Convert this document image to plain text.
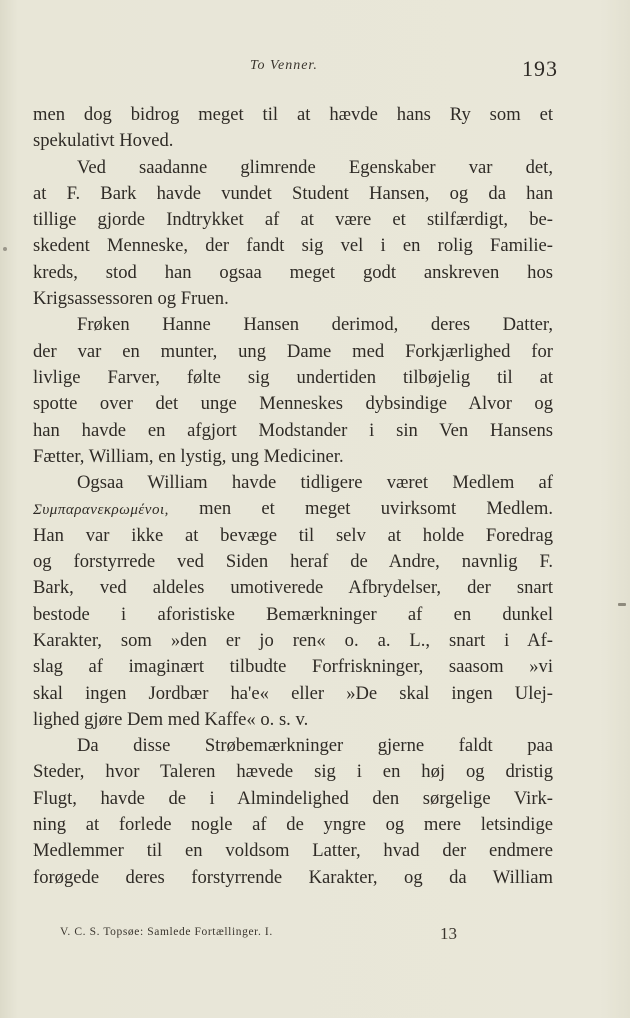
To Venner.	193
men dog bidrog meget til at hævde hans Ry som et
spekulativt Hoved.
Ved saadanne glimrende Egenskaber var det,
at F. Bark havde vundet Student Hansen, og da han
tillige gjorde Indtrykket af at være et stilfærdigt, be-
skedent Menneske, der fandt sig vel i en rolig Familie-
kreds, stod han ogsaa meget godt anskreven hos
Krigsassessoren og Fruen.
Frøken Hanne Hansen derimod, deres Datter,
der var en munter, ung Dame med Forkjærlighed for
livlige Farver, følte sig undertiden tilbøjelig til at
spotte over det unge Menneskes dybsindige Alvor og
han havde en afgjort Modstander i sin Ven Hansens
Fætter, William, en lystig, ung Mediciner.
Ogsaa William havde tidligere været Medlem af
Συμπαρανεκρωμένοι, men et meget uvirksomt Medlem.
Han var ikke at bevæge til selv at holde Foredrag
og forstyrrede ved Siden heraf de Andre, navnlig F.
Bark, ved aldeles umotiverede Afbrydelser, der snart
bestode i aforistiske Bemærkninger af en dunkel
Karakter, som »den er jo ren« o. a. L., snart i Af-
slag af imaginært tilbudte Forfriskninger, saasom »vi
skal ingen Jordbær ha'e« eller »De skal ingen Ulej-
lighed gjøre Dem med Kaffe« o. s. v.
Da disse Strøbemærkninger gjerne faldt paa
Steder, hvor Taleren hævede sig i en høj og dristig
Flugt, havde de i Almindelighed den sørgelige Virk-
ning at forlede nogle af de yngre og mere letsindige
Medlemmer til en voldsom Latter, hvad der endmere
forøgede deres forstyrrende Karakter, og da William
V. C. S. Topsøe: Samlede Fortællinger. I.	13
